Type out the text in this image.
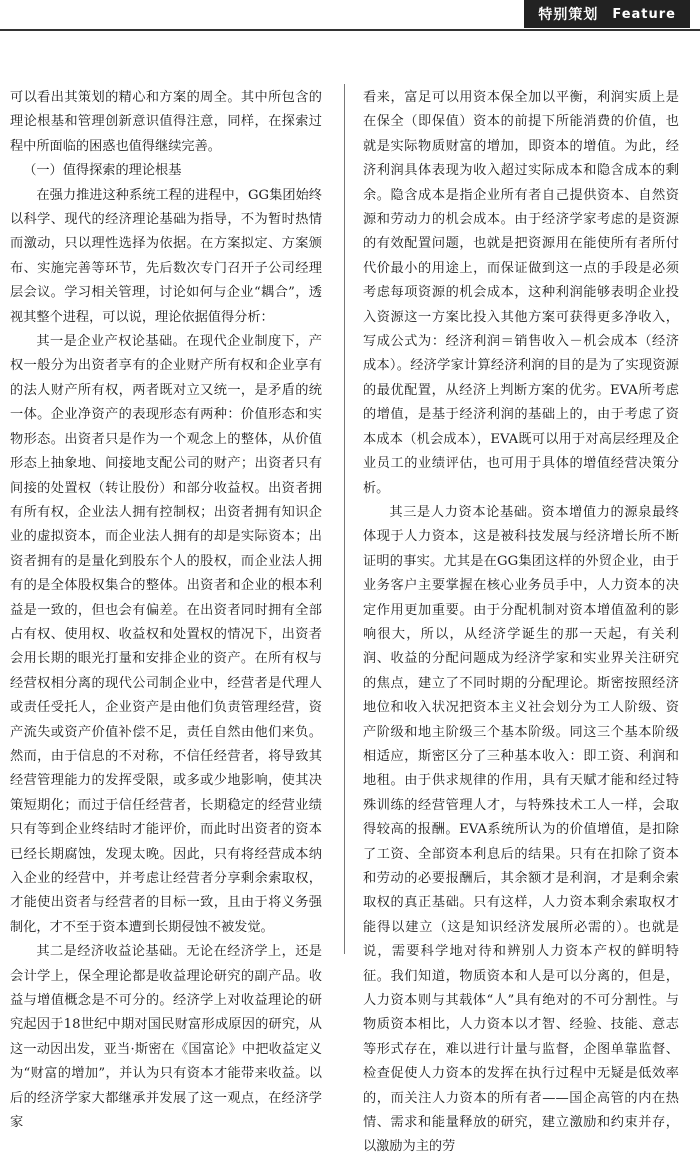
特别策划 Feature

可以看出其策划的精心和方案的周全。其中所包含的理论根基和管理创新意识值得注意，同样，在探索过程中所面临的困惑也值得继续完善。

（一）值得探索的理论根基

在强力推进这种系统工程的进程中，GG集团始终以科学、现代的经济理论基础为指导，不为暂时热情而激动，只以理性选择为依据。在方案拟定、方案颁布、实施完善等环节，先后数次专门召开子公司经理层会议。学习相关管理，讨论如何与企业“耦合”，透视其整个进程，可以说，理论依据值得分析：

其一是企业产权论基础。在现代企业制度下，产权一般分为出资者享有的企业财产所有权和企业享有的法人财产所有权，两者既对立又统一，是矛盾的统一体。企业净资产的表现形态有两种：价值形态和实物形态。出资者只是作为一个观念上的整体，从价值形态上抽象地、间接地支配公司的财产；出资者只有间接的处置权（转让股份）和部分收益权。出资者拥有所有权，企业法人拥有控制权；出资者拥有知识企业的虚拟资本，而企业法人拥有的却是实际资本；出资者拥有的是量化到股东个人的股权，而企业法人拥有的是全体股权集合的整体。出资者和企业的根本利益是一致的，但也会有偏差。在出资者同时拥有全部占有权、使用权、收益权和处置权的情况下，出资者会用长期的眼光打量和安排企业的资产。在所有权与经营权相分离的现代公司制企业中，经营者是代理人或责任受托人，企业资产是由他们负责管理经营，资产流失或资产价值补偿不足，责任自然由他们来负。然而，由于信息的不对称，不信任经营者，将导致其经营管理能力的发挥受限，或多或少地影响，使其决策短期化；而过于信任经营者，长期稳定的经营业绩只有等到企业终结时才能评价，而此时出资者的资本已经长期腐蚀，发现太晚。因此，只有将经营成本纳入企业的经营中，并考虑让经营者分享剩余索取权，才能使出资者与经营者的目标一致，且由于将义务强制化，才不至于资本遭到长期侵蚀不被发觉。

其二是经济收益论基础。无论在经济学上，还是会计学上，保全理论都是收益理论研究的副产品。收益与增值概念是不可分的。经济学上对收益理论的研究起因于18世纪中期对国民财富形成原因的研究，从这一动因出发，亚当·斯密在《国富论》中把收益定义为“财富的增加”，并认为只有资本才能带来收益。以后的经济学家大都继承并发展了这一观点，在经济学家

看来，富足可以用资本保全加以平衡，利润实质上是在保全（即保值）资本的前提下所能消费的价值，也就是实际物质财富的增加，即资本的增值。为此，经济利润具体表现为收入超过实际成本和隐含成本的剩余。隐含成本是指企业所有者自己提供资本、自然资源和劳动力的机会成本。由于经济学家考虑的是资源的有效配置问题，也就是把资源用在能使所有者所付代价最小的用途上，而保证做到这一点的手段是必须考虑每项资源的机会成本，这种利润能够表明企业投入资源这一方案比投入其他方案可获得更多净收入，写成公式为：经济利润＝销售收入－机会成本（经济成本）。经济学家计算经济利润的目的是为了实现资源的最优配置，从经济上判断方案的优劣。EVA所考虑的增值，是基于经济利润的基础上的，由于考虑了资本成本（机会成本），EVA既可以用于对高层经理及企业员工的业绩评估，也可用于具体的增值经营决策分析。

其三是人力资本论基础。资本增值力的源泉最终体现于人力资本，这是被科技发展与经济增长所不断证明的事实。尤其是在GG集团这样的外贸企业，由于业务客户主要掌握在核心业务员手中，人力资本的决定作用更加重要。由于分配机制对资本增值盈利的影响很大，所以，从经济学诞生的那一天起，有关利润、收益的分配问题成为经济学家和实业界关注研究的焦点，建立了不同时期的分配理论。斯密按照经济地位和收入状况把资本主义社会划分为工人阶级、资产阶级和地主阶级三个基本阶级。同这三个基本阶级相适应，斯密区分了三种基本收入：即工资、利润和地租。由于供求规律的作用，具有天赋才能和经过特殊训练的经营管理人才，与特殊技术工人一样，会取得较高的报酬。EVA系统所认为的价值增值，是扣除了工资、全部资本利息后的结果。只有在扣除了资本和劳动的必要报酬后，其余额才是利润，才是剩余索取权的真正基础。只有这样，人力资本剩余索取权才能得以建立（这是知识经济发展所必需的）。也就是说，需要科学地对待和辨别人力资本产权的鲜明特征。我们知道，物质资本和人是可以分离的，但是，人力资本则与其载体“人”具有绝对的不可分割性。与物质资本相比，人力资本以才智、经验、技能、意志等形式存在，难以进行计量与监督，企图单靠监督、检查促使人力资本的发挥在执行过程中无疑是低效率的，而关注人力资本的所有者——国企高管的内在热情、需求和能量释放的研究，建立激励和约束并存，以激励为主的劳
